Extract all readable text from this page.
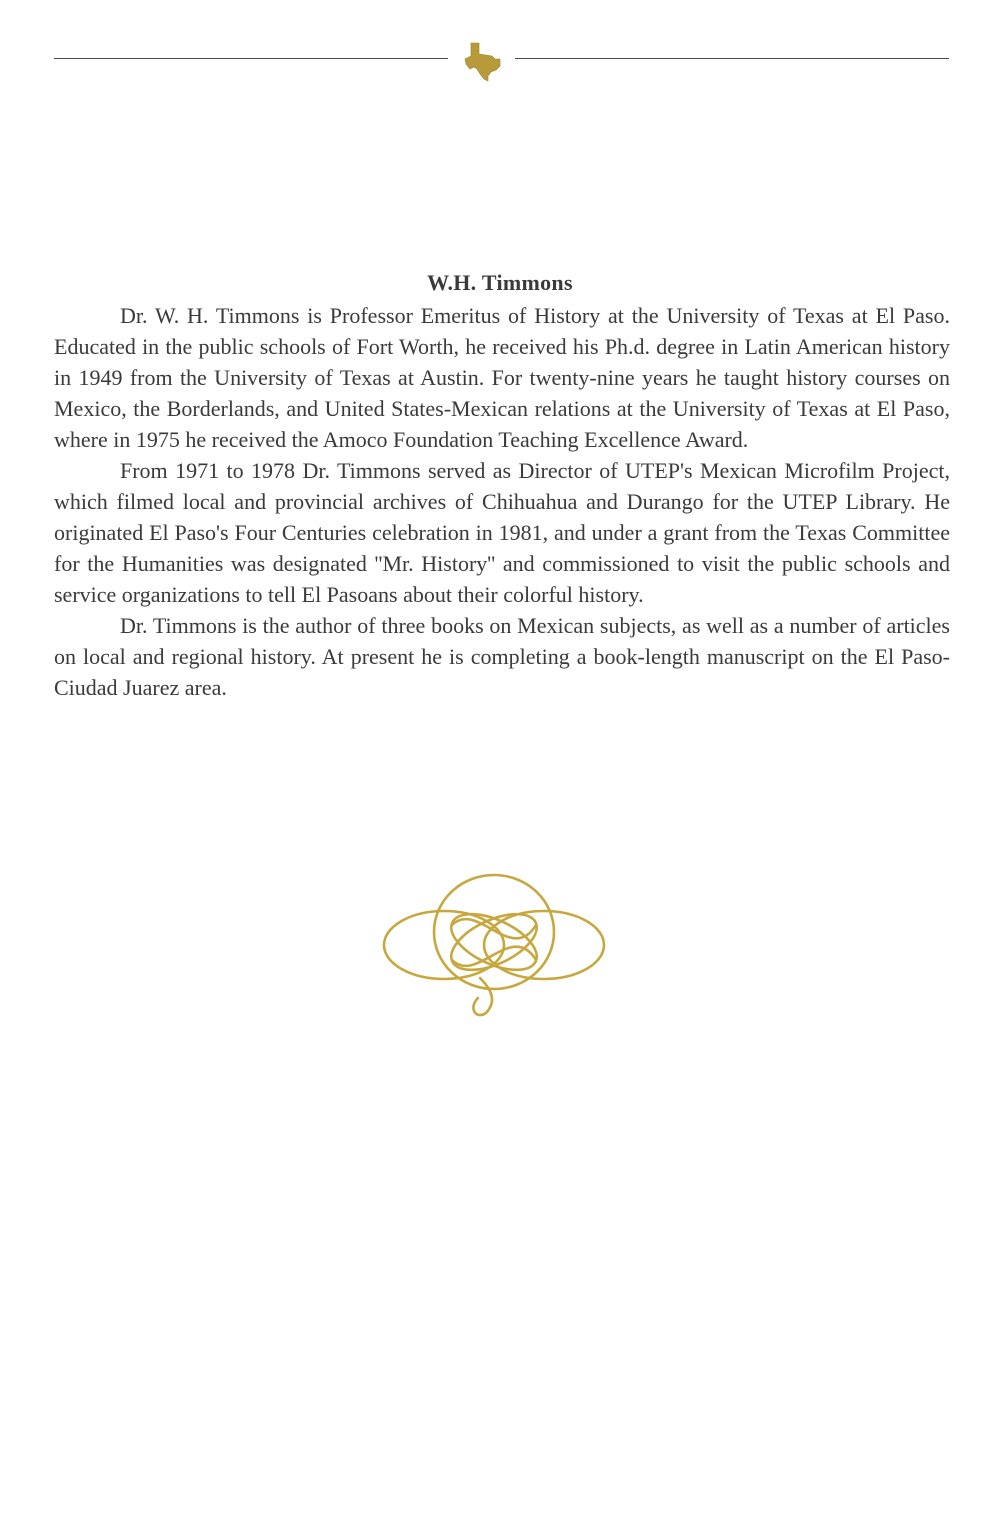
W.H. Timmons

Dr. W. H. Timmons is Professor Emeritus of History at the University of Texas at El Paso. Educated in the public schools of Fort Worth, he received his Ph.d. degree in Latin American history in 1949 from the University of Texas at Austin. For twenty-nine years he taught history courses on Mexico, the Borderlands, and United States-Mexican relations at the University of Texas at El Paso, where in 1975 he received the Amoco Foundation Teaching Excellence Award.

From 1971 to 1978 Dr. Timmons served as Director of UTEP's Mexican Microfilm Project, which filmed local and provincial archives of Chihuahua and Durango for the UTEP Library. He originated El Paso's Four Centuries celebration in 1981, and under a grant from the Texas Committee for the Humanities was designated ''Mr. History'' and commissioned to visit the public schools and service organizations to tell El Pasoans about their colorful history.

Dr. Timmons is the author of three books on Mexican subjects, as well as a number of articles on local and regional history. At present he is completing a book-length manuscript on the El Paso-Ciudad Juarez area.
